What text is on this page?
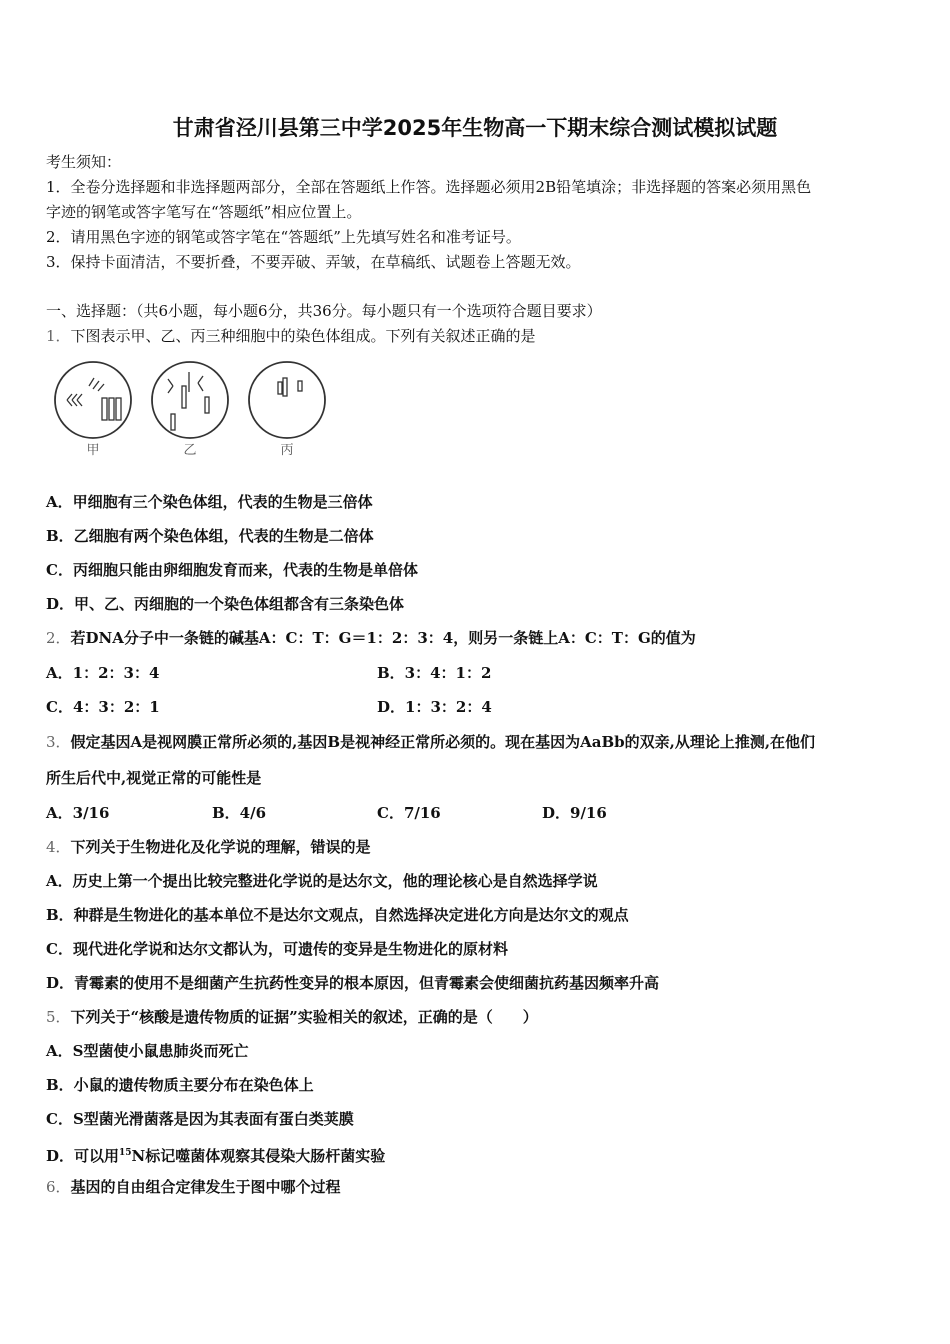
甘肃省泾川县第三中学2025年生物高一下期末综合测试模拟试题
考生须知：
1．全卷分选择题和非选择题两部分，全部在答题纸上作答。选择题必须用2B铅笔填涂；非选择题的答案必须用黑色
字迹的钢笔或答字笔写在“答题纸”相应位置上。
2．请用黑色字迹的钢笔或答字笔在“答题纸”上先填写姓名和准考证号。
3．保持卡面清洁，不要折叠，不要弄破、弄皱，在草稿纸、试题卷上答题无效。
一、选择题：（共6小题，每小题6分，共36分。每小题只有一个选项符合题目要求）
1．下图表示甲、乙、丙三种细胞中的染色体组成。下列有关叙述正确的是
甲	乙	丙
A．甲细胞有三个染色体组，代表的生物是三倍体
B．乙细胞有两个染色体组，代表的生物是二倍体
C．丙细胞只能由卵细胞发育而来，代表的生物是单倍体
D．甲、乙、丙细胞的一个染色体组都含有三条染色体
2．若DNA分子中一条链的碱基A：C：T：G＝1：2：3：4，则另一条链上A：C：T：G的值为
A．1：2：3：4	B．3：4：1：2
C．4：3：2：1	D．1：3：2：4
3．假定基因A是视网膜正常所必须的,基因B是视神经正常所必须的。现在基因为AaBb的双亲,从理论上推测,在他们
所生后代中,视觉正常的可能性是
A．3/16	B．4/6	C．7/16	D．9/16
4．下列关于生物进化及化学说的理解，错误的是
A．历史上第一个提出比较完整进化学说的是达尔文，他的理论核心是自然选择学说
B．种群是生物进化的基本单位不是达尔文观点，自然选择决定进化方向是达尔文的观点
C．现代进化学说和达尔文都认为，可遗传的变异是生物进化的原材料
D．青霉素的使用不是细菌产生抗药性变异的根本原因，但青霉素会使细菌抗药基因频率升高
5．下列关于“核酸是遗传物质的证据”实验相关的叙述，正确的是（　　）
A．S型菌使小鼠患肺炎而死亡
B．小鼠的遗传物质主要分布在染色体上
C．S型菌光滑菌落是因为其表面有蛋白类荚膜
D．可以用$^{15}$N标记噬菌体观察其侵染大肠杆菌实验
6．基因的自由组合定律发生于图中哪个过程
